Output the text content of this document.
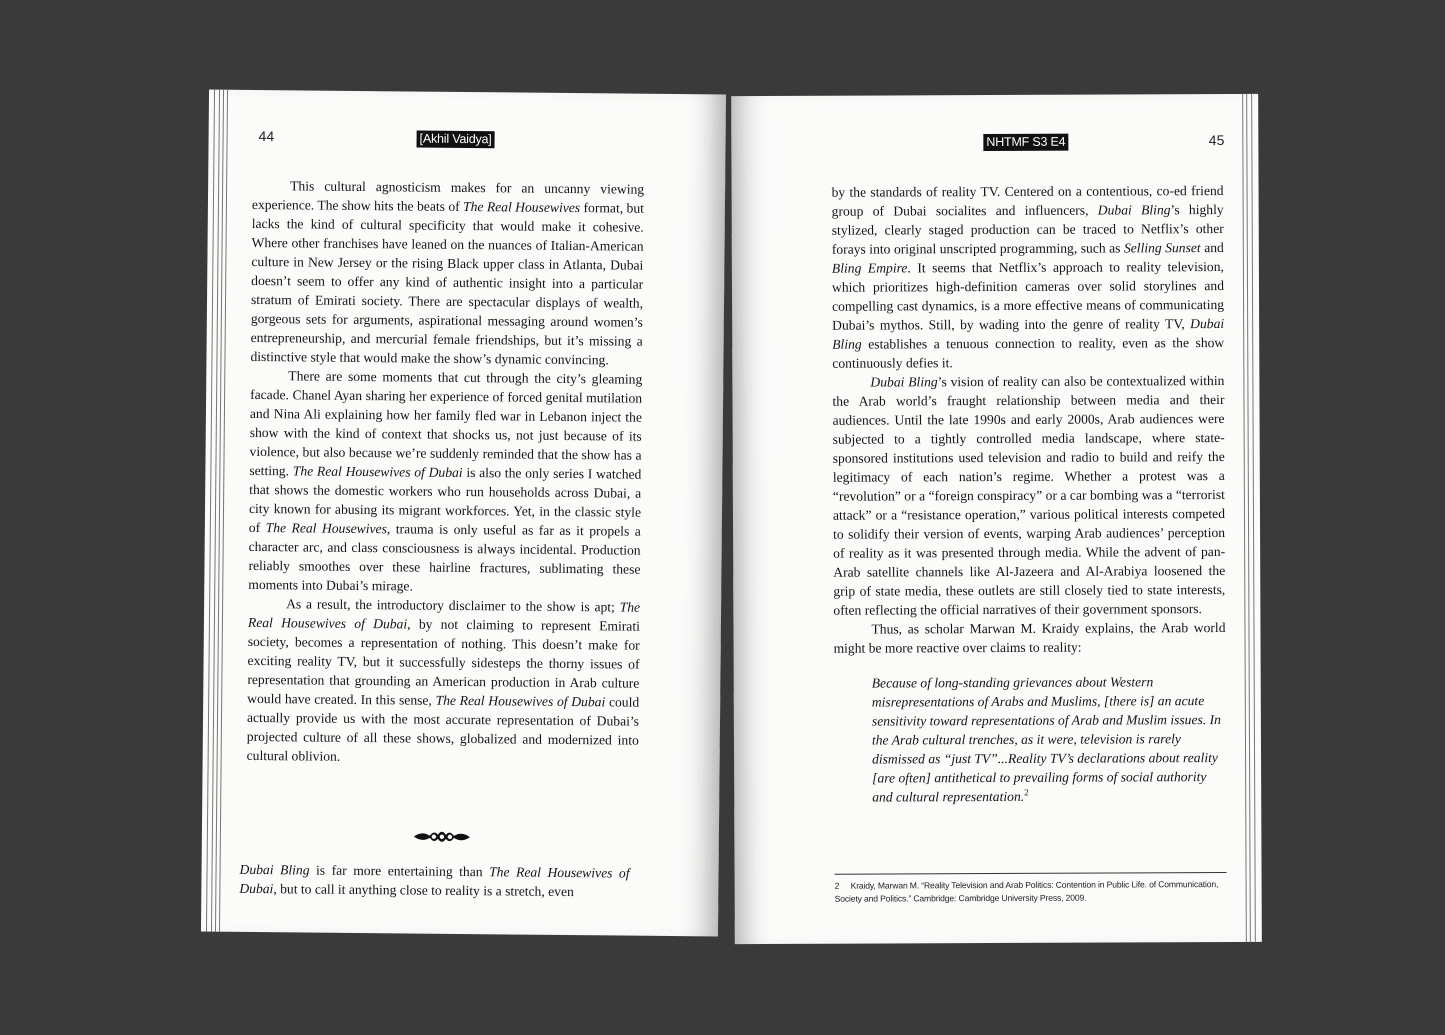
44	[Akhil Vaidya]

This cultural agnosticism makes for an uncanny viewing experience. The show hits the beats of The Real Housewives format, but lacks the kind of cultural specificity that would make it cohesive. Where other franchises have leaned on the nuances of Italian-American culture in New Jersey or the rising Black upper class in Atlanta, Dubai doesn’t seem to offer any kind of authentic insight into a particular stratum of Emirati society. There are spectacular displays of wealth, gorgeous sets for arguments, aspirational messaging around women’s entrepreneurship, and mercurial female friendships, but it’s missing a distinctive style that would make the show’s dynamic convincing.

There are some moments that cut through the city’s gleaming facade. Chanel Ayan sharing her experience of forced genital mutilation and Nina Ali explaining how her family fled war in Lebanon inject the show with the kind of context that shocks us, not just because of its violence, but also because we’re suddenly reminded that the show has a setting. The Real Housewives of Dubai is also the only series I watched that shows the domestic workers who run households across Dubai, a city known for abusing its migrant workforces. Yet, in the classic style of The Real Housewives, trauma is only useful as far as it propels a character arc, and class consciousness is always incidental. Production reliably smoothes over these hairline fractures, sublimating these moments into Dubai’s mirage.

As a result, the introductory disclaimer to the show is apt; The Real Housewives of Dubai, by not claiming to represent Emirati society, becomes a representation of nothing. This doesn’t make for exciting reality TV, but it successfully sidesteps the thorny issues of representation that grounding an American production in Arab culture would have created. In this sense, The Real Housewives of Dubai could actually provide us with the most accurate representation of Dubai’s projected culture of all these shows, globalized and modernized into cultural oblivion.

Dubai Bling is far more entertaining than The Real Housewives of Dubai, but to call it anything close to reality is a stretch, even

NHTMF S3 E4	45

by the standards of reality TV. Centered on a contentious, co-ed friend group of Dubai socialites and influencers, Dubai Bling’s highly stylized, clearly staged production can be traced to Netflix’s other forays into original unscripted programming, such as Selling Sunset and Bling Empire. It seems that Netflix’s approach to reality television, which prioritizes high-definition cameras over solid storylines and compelling cast dynamics, is a more effective means of communicating Dubai’s mythos. Still, by wading into the genre of reality TV, Dubai Bling establishes a tenuous connection to reality, even as the show continuously defies it.

Dubai Bling’s vision of reality can also be contextualized within the Arab world’s fraught relationship between media and their audiences. Until the late 1990s and early 2000s, Arab audiences were subjected to a tightly controlled media landscape, where state-sponsored institutions used television and radio to build and reify the legitimacy of each nation’s regime. Whether a protest was a “revolution” or a “foreign conspiracy” or a car bombing was a “terrorist attack” or a “resistance operation,” various political interests competed to solidify their version of events, warping Arab audiences’ perception of reality as it was presented through media. While the advent of pan-Arab satellite channels like Al-Jazeera and Al-Arabiya loosened the grip of state media, these outlets are still closely tied to state interests, often reflecting the official narratives of their government sponsors.

Thus, as scholar Marwan M. Kraidy explains, the Arab world might be more reactive over claims to reality:

Because of long-standing grievances about Western misrepresentations of Arabs and Muslims, [there is] an acute sensitivity toward representations of Arab and Muslim issues. In the Arab cultural trenches, as it were, television is rarely dismissed as “just TV”...Reality TV’s declarations about reality [are often] antithetical to prevailing forms of social authority and cultural representation.$^2$
2 Kraidy, Marwan M. “Reality Television and Arab Politics: Contention in Public Life. of Communication, Society and Politics.” Cambridge: Cambridge University Press, 2009.
